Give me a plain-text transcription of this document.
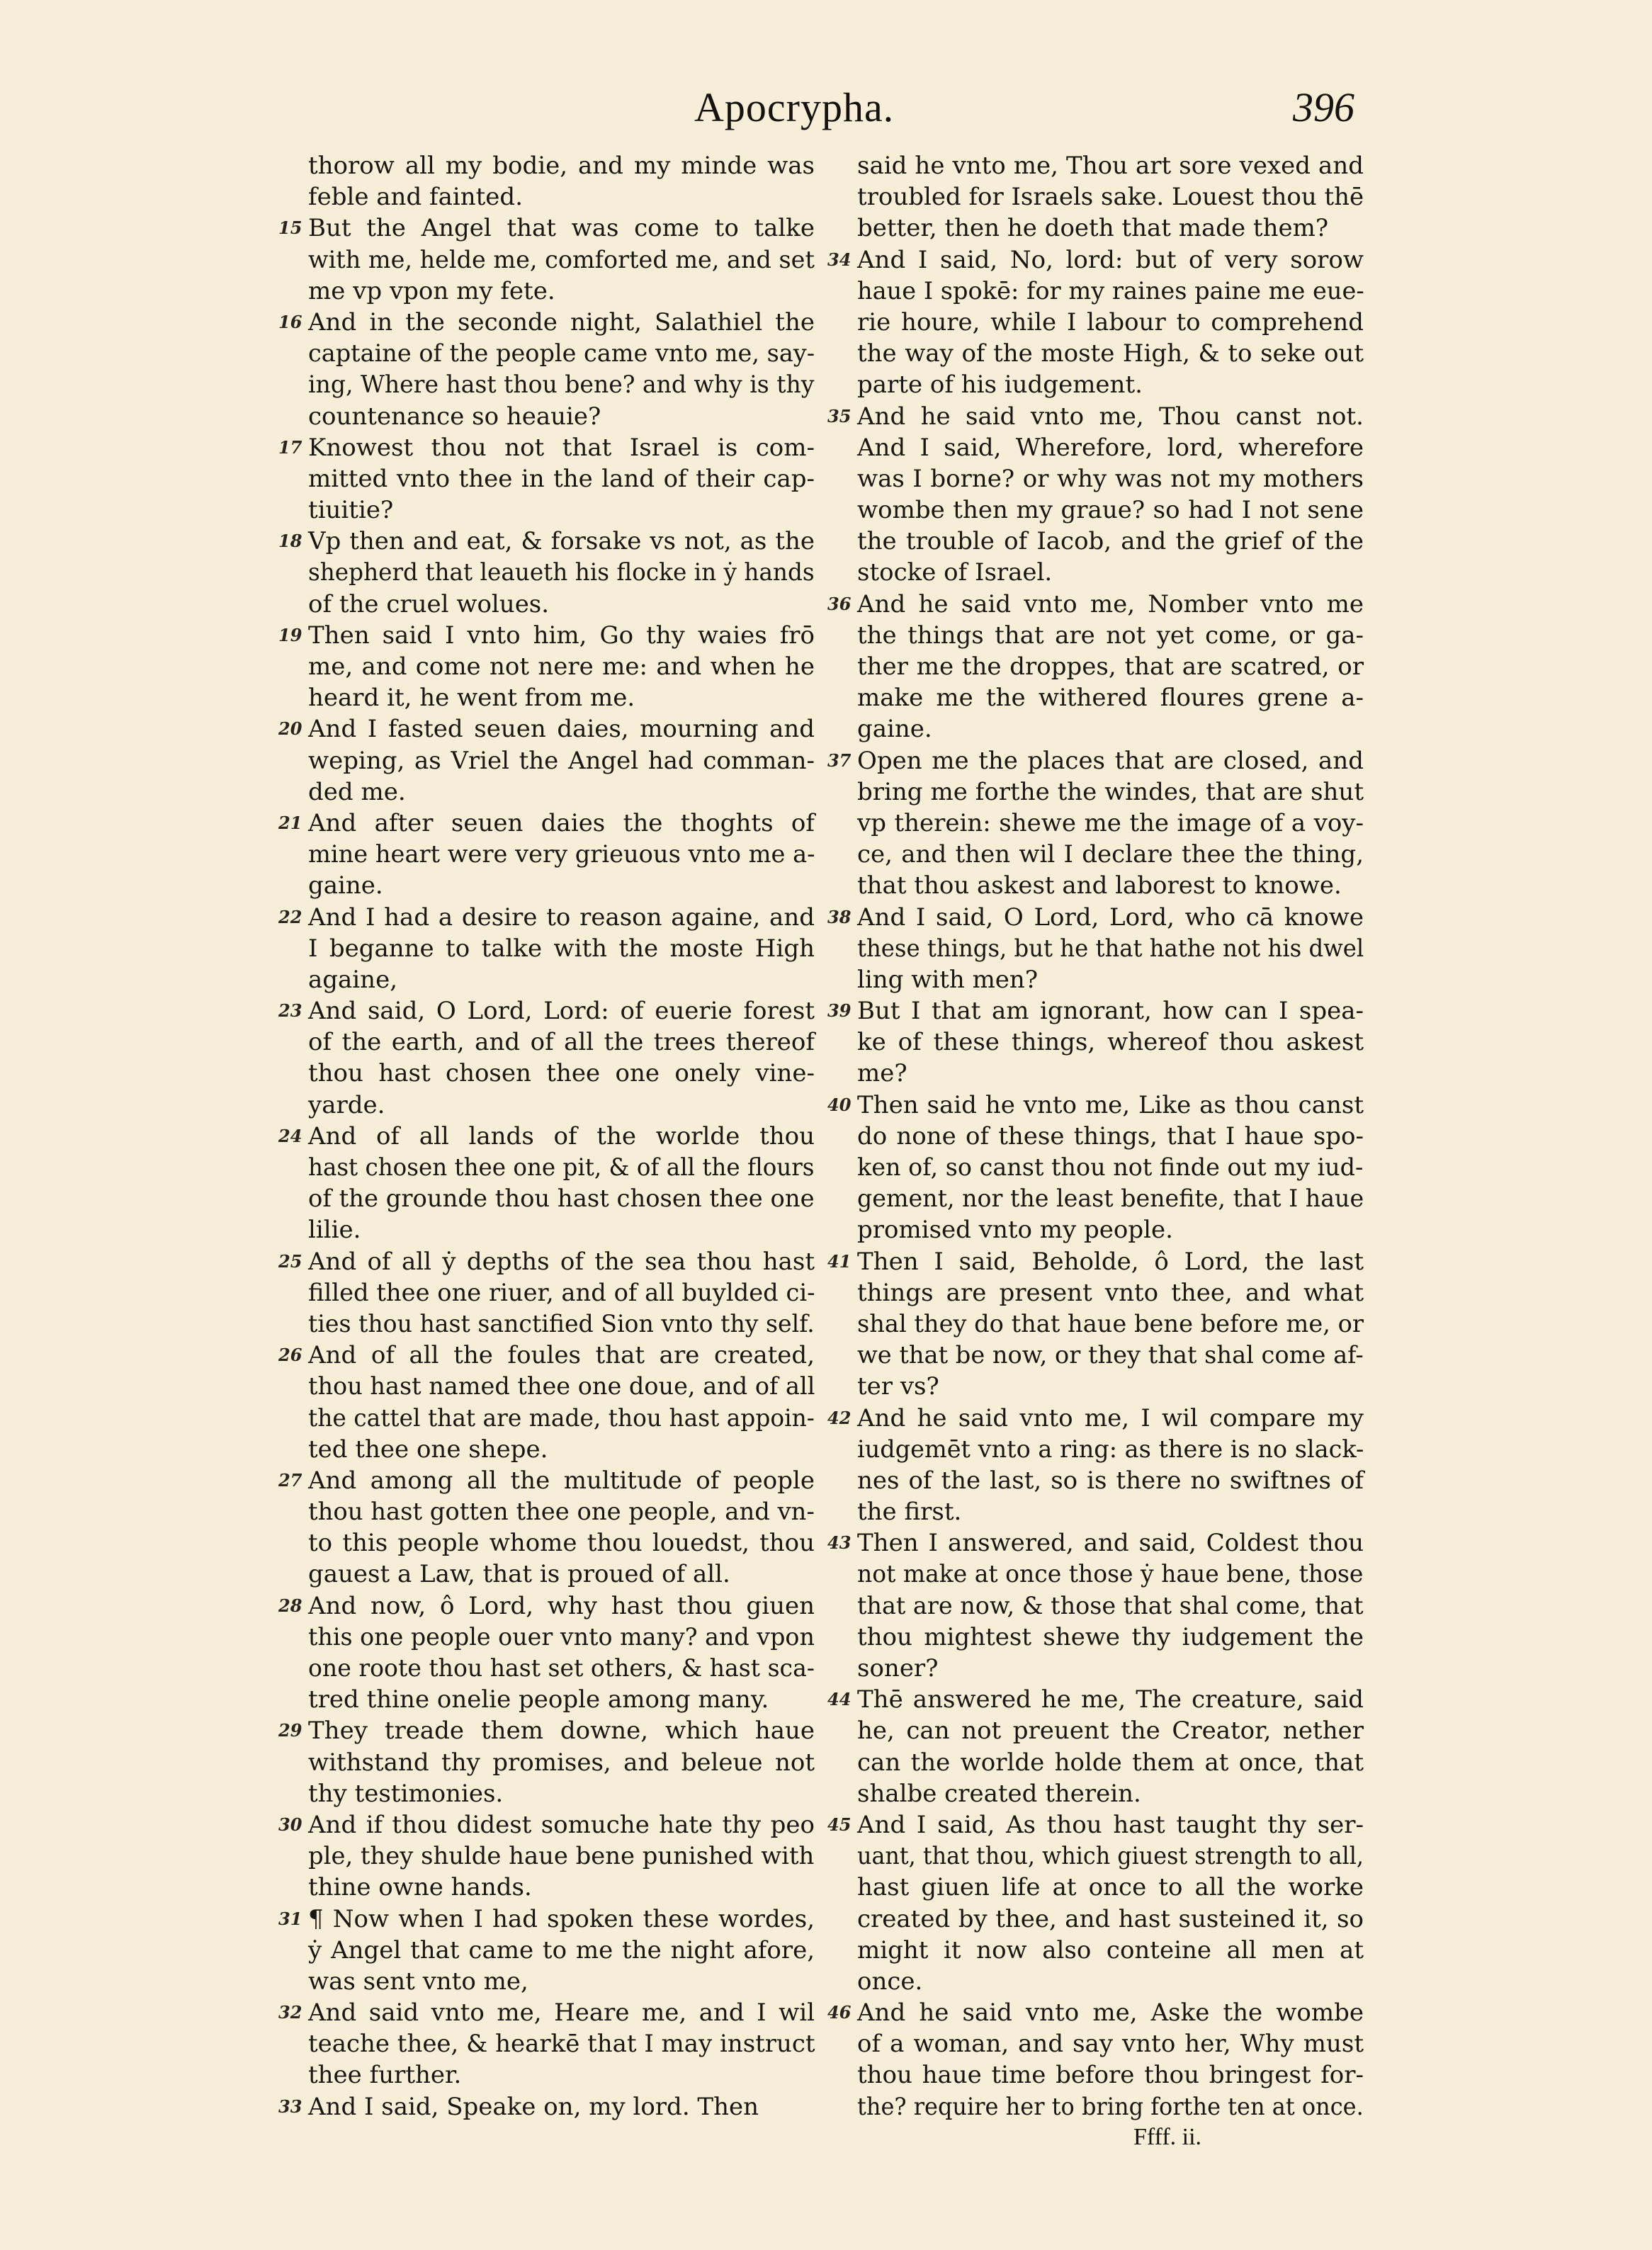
Apocrypha.	396
thorow all my bodie, and my minde was
feble and fainted.
15 But the Angel that was come to talke
with me, helde me, comforted me, and set
me vp vpon my fete.
16 And in the seconde night, Salathiel the
captaine of the people came vnto me, say-
ing, Where hast thou bene? and why is thy
countenance so heauie?
17 Knowest thou not that Israel is com-
mitted vnto thee in the land of their cap-
tiuitie?
18 Vp then and eat, & forsake vs not, as the
shepherd that leaueth his flocke in ẏ hands
of the cruel wolues.
19 Then said I vnto him, Go thy waies frō
me, and come not nere me: and when he
heard it, he went from me.
20 And I fasted seuen daies, mourning and
weping, as Vriel the Angel had comman-
ded me.
21 And after seuen daies the thoghts of
mine heart were very grieuous vnto me a-
gaine.
22 And I had a desire to reason againe, and
I beganne to talke with the moste High
againe,
23 And said, O Lord, Lord: of euerie forest
of the earth, and of all the trees thereof
thou hast chosen thee one onely vine-
yarde.
24 And of all lands of the worlde thou
hast chosen thee one pit, & of all the flours
of the grounde thou hast chosen thee one
lilie.
25 And of all ẏ depths of the sea thou hast
filled thee one riuer, and of all buylded ci-
ties thou hast sanctified Sion vnto thy self.
26 And of all the foules that are created,
thou hast named thee one doue, and of all
the cattel that are made, thou hast appoin-
ted thee one shepe.
27 And among all the multitude of people
thou hast gotten thee one people, and vn-
to this people whome thou louedst, thou
gauest a Law, that is proued of all.
28 And now, ô Lord, why hast thou giuen
this one people ouer vnto many? and vpon
one roote thou hast set others, & hast sca-
tred thine onelie people among many.
29 They treade them downe, which haue
withstand thy promises, and beleue not
thy testimonies.
30 And if thou didest somuche hate thy peo
ple, they shulde haue bene punished with
thine owne hands.
31 ¶ Now when I had spoken these wordes,
ẏ Angel that came to me the night afore,
was sent vnto me,
32 And said vnto me, Heare me, and I wil
teache thee, & hearkē that I may instruct
thee further.
33 And I said, Speake on, my lord. Then
said he vnto me, Thou art sore vexed and
troubled for Israels sake. Louest thou thē
better, then he doeth that made them?
34 And I said, No, lord: but of very sorow
haue I spokē: for my raines paine me eue-
rie houre, while I labour to comprehend
the way of the moste High, & to seke out
parte of his iudgement.
35 And he said vnto me, Thou canst not.
And I said, Wherefore, lord, wherefore
was I borne? or why was not my mothers
wombe then my graue? so had I not sene
the trouble of Iacob, and the grief of the
stocke of Israel.
36 And he said vnto me, Nomber vnto me
the things that are not yet come, or ga-
ther me the droppes, that are scatred, or
make me the withered floures grene a-
gaine.
37 Open me the places that are closed, and
bring me forthe the windes, that are shut
vp therein: shewe me the image of a voy-
ce, and then wil I declare thee the thing,
that thou askest and laborest to knowe.
38 And I said, O Lord, Lord, who cā knowe
these things, but he that hathe not his dwel
ling with men?
39 But I that am ignorant, how can I spea-
ke of these things, whereof thou askest
me?
40 Then said he vnto me, Like as thou canst
do none of these things, that I haue spo-
ken of, so canst thou not finde out my iud-
gement, nor the least benefite, that I haue
promised vnto my people.
41 Then I said, Beholde, ô Lord, the last
things are present vnto thee, and what
shal they do that haue bene before me, or
we that be now, or they that shal come af-
ter vs?
42 And he said vnto me, I wil compare my
iudgemēt vnto a ring: as there is no slack-
nes of the last, so is there no swiftnes of
the first.
43 Then I answered, and said, Coldest thou
not make at once those ẏ haue bene, those
that are now, & those that shal come, that
thou mightest shewe thy iudgement the
soner?
44 Thē answered he me, The creature, said
he, can not preuent the Creator, nether
can the worlde holde them at once, that
shalbe created therein.
45 And I said, As thou hast taught thy ser-
uant, that thou, which giuest strength to all,
hast giuen life at once to all the worke
created by thee, and hast susteined it, so
might it now also conteine all men at
once.
46 And he said vnto me, Aske the wombe
of a woman, and say vnto her, Why must
thou haue time before thou bringest for-
the? require her to bring forthe ten at once.
Ffff. ii.
